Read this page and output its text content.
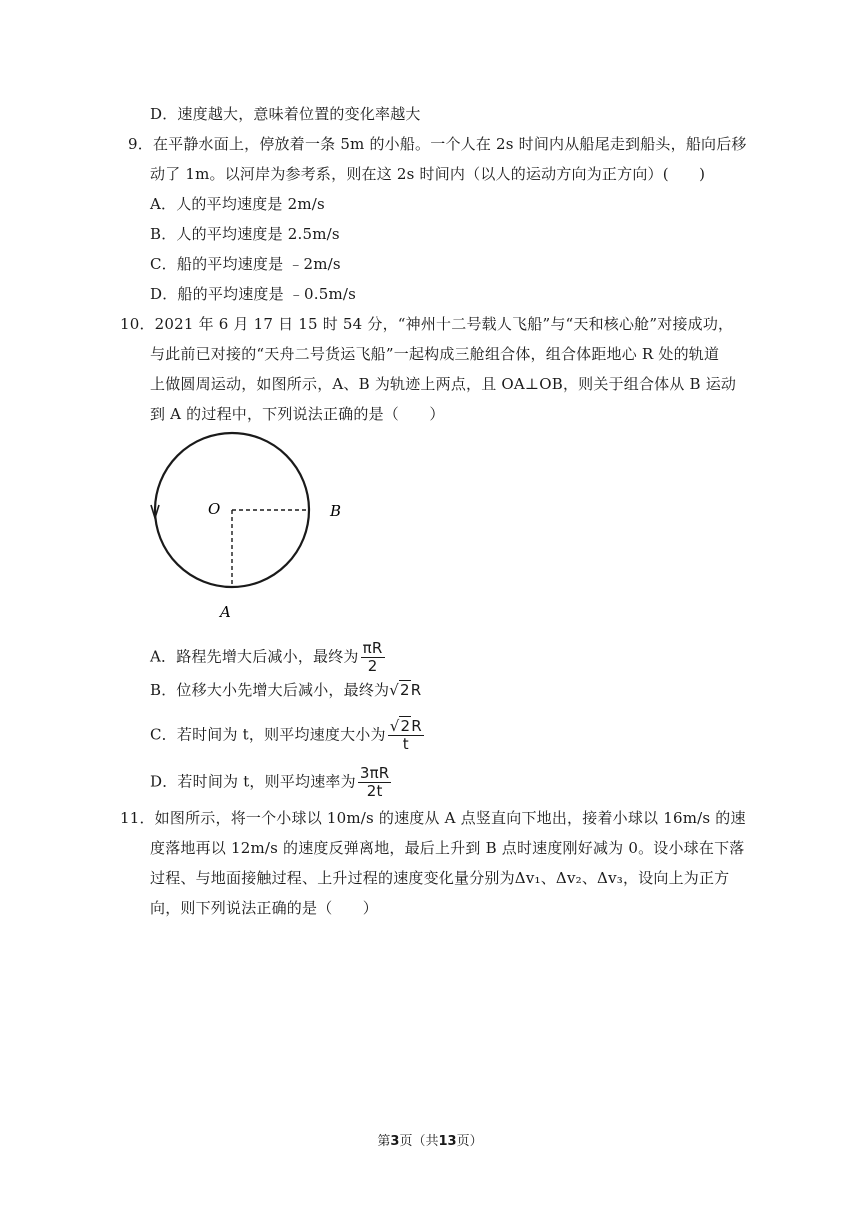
D．速度越大，意味着位置的变化率越大
9．在平静水面上，停放着一条 5m 的小船。一个人在 2s 时间内从船尾走到船头，船向后移
动了 1m。以河岸为参考系，则在这 2s 时间内（以人的运动方向为正方向）(　　)
A．人的平均速度是 2m/s
B．人的平均速度是 2.5m/s
C．船的平均速度是 ﹣2m/s
D．船的平均速度是 ﹣0.5m/s
10．2021 年 6 月 17 日 15 时 54 分，“神州十二号载人飞船”与“天和核心舱”对接成功，
与此前已对接的“天舟二号货运飞船”一起构成三舱组合体，组合体距地心 R 处的轨道
上做圆周运动，如图所示，A、B 为轨迹上两点，且 OA⊥OB，则关于组合体从 B 运动
到 A 的过程中，下列说法正确的是（　　）
O	B
A
A．路程先增大后减小，最终为 $\frac{\pi R}{2}$
B．位移大小先增大后减小，最终为√2R
C．若时间为 t，则平均速度大小为 $\frac{√2R}{t}$
D．若时间为 t，则平均速率为 $\frac{3\pi R}{2t}$
11．如图所示，将一个小球以 10m/s 的速度从 A 点竖直向下地出，接着小球以 16m/s 的速
度落地再以 12m/s 的速度反弹离地，最后上升到 B 点时速度刚好减为 0。设小球在下落
过程、与地面接触过程、上升过程的速度变化量分别为Δv₁、Δv₂、Δv₃，设向上为正方
向，则下列说法正确的是（　　）
第3页（共13页）
